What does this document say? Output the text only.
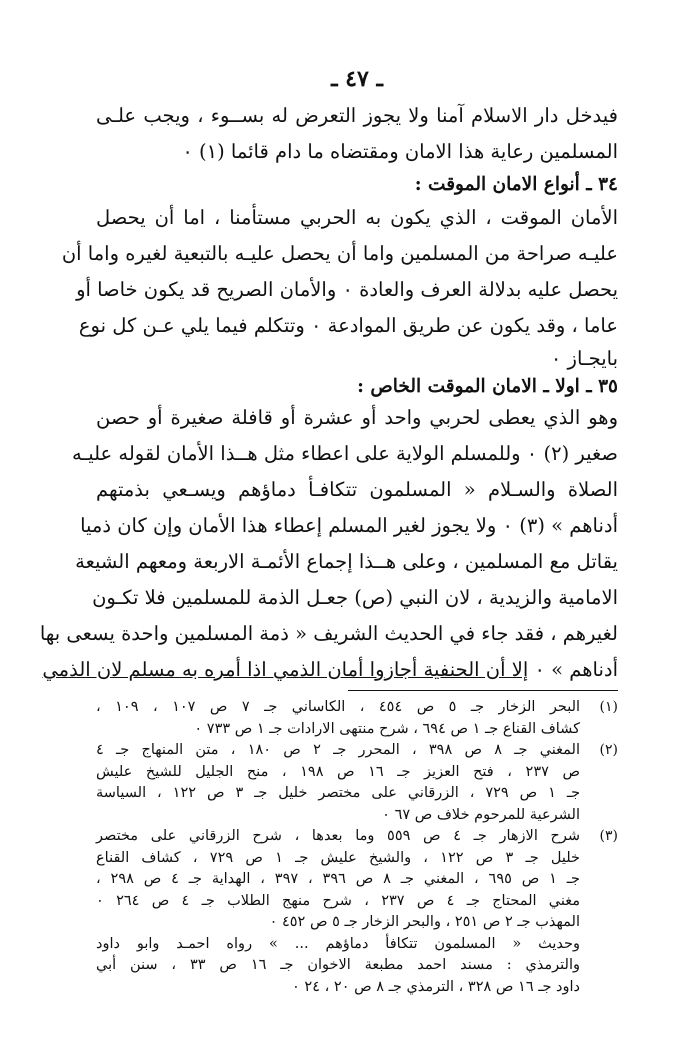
ـ ٤٧ ـ
فيدخل دار الاسلام آمنا ولا يجوز التعرض له بســوء ، ويجب علـى
المسلمين رعاية هذا الامان ومقتضاه ما دام قائما (١) ٠
٣٤ ـ أنواع الامان الموقت :
الأمان الموقت ، الذي يكون به الحربي مستأمنا ، اما أن يحصل
عليـه صراحة من المسلمين واما أن يحصل عليـه بالتبعية لغيره واما أن
يحصل عليه بدلالة العرف والعادة ٠ والأمان الصريح قد يكون خاصا أو
عاما ، وقد يكون عن طريق الموادعة ٠ وتتكلم فيما يلي عـن كل نوع
بايجـاز ٠
٣٥ ـ اولا ـ الامان الموقت الخاص :
وهو الذي يعطى لحربي واحد أو عشرة أو قافلة صغيرة أو حصن
صغير (٢) ٠ وللمسلم الولاية على اعطاء مثل هــذا الأمان لقوله عليـه
الصلاة والسـلام « المسلمون تتكافـأ دماؤهم ويسـعي بذمتهم
أدناهم » (٣) ٠ ولا يجوز لغير المسلم إعطاء هذا الأمان وإن كان ذميا
يقاتل مع المسلمين ، وعلى هــذا إجماع الأئمـة الاربعة ومعهم الشيعة
الامامية والزيدية ، لان النبي (ص) جعـل الذمة للمسلمين فلا تكـون
لغيرهم ، فقد جاء في الحديث الشريف « ذمة المسلمين واحدة يسعى بها
أدناهم » ٠ إلا أن الحنفية أجازوا أمان الذمي اذا أمره به مسلم لان الذمي
(١)
البحر الزخار جـ ٥ ص ٤٥٤ ، الكاساني جـ ٧ ص ١٠٧ ، ١٠٩ ،
كشاف القناع جـ ١ ص ٦٩٤ ، شرح منتهى الارادات جـ ١ ص ٧٣٣ ٠
(٢)
المغني جـ ٨ ص ٣٩٨ ، المحرر جـ ٢ ص ١٨٠ ، متن المنهاج جـ ٤
ص ٢٣٧ ، فتح العزيز جـ ١٦ ص ١٩٨ ، منح الجليل للشيخ عليش
جـ ١ ص ٧٢٩ ، الزرقاني على مختصر خليل جـ ٣ ص ١٢٢ ، السياسة
الشرعية للمرحوم خلاف ص ٦٧ ٠
(٣)
شرح الازهار جـ ٤ ص ٥٥٩ وما بعدها ، شرح الزرقاني على مختصر
خليل جـ ٣ ص ١٢٢ ، والشيخ عليش جـ ١ ص ٧٢٩ ، كشاف القناع
جـ ١ ص ٦٩٥ ، المغني جـ ٨ ص ٣٩٦ ، ٣٩٧ ، الهداية جـ ٤ ص ٢٩٨ ،
مغني المحتاج جـ ٤ ص ٢٣٧ ، شرح منهج الطلاب جـ ٤ ص ٢٦٤ ٠
المهذب جـ ٢ ص ٢٥١ ، والبحر الزخار جـ ٥ ص ٤٥٢ ٠
وحديث « المسلمون تتكافأ دماؤهم ... » رواه احمـد وابو داود
والترمذي : مسند احمد مطبعة الاخوان جـ ١٦ ص ٣٣ ، سنن أبي
داود جـ ١٦ ص ٣٢٨ ، الترمذي جـ ٨ ص ٢٠ ، ٢٤ ٠
